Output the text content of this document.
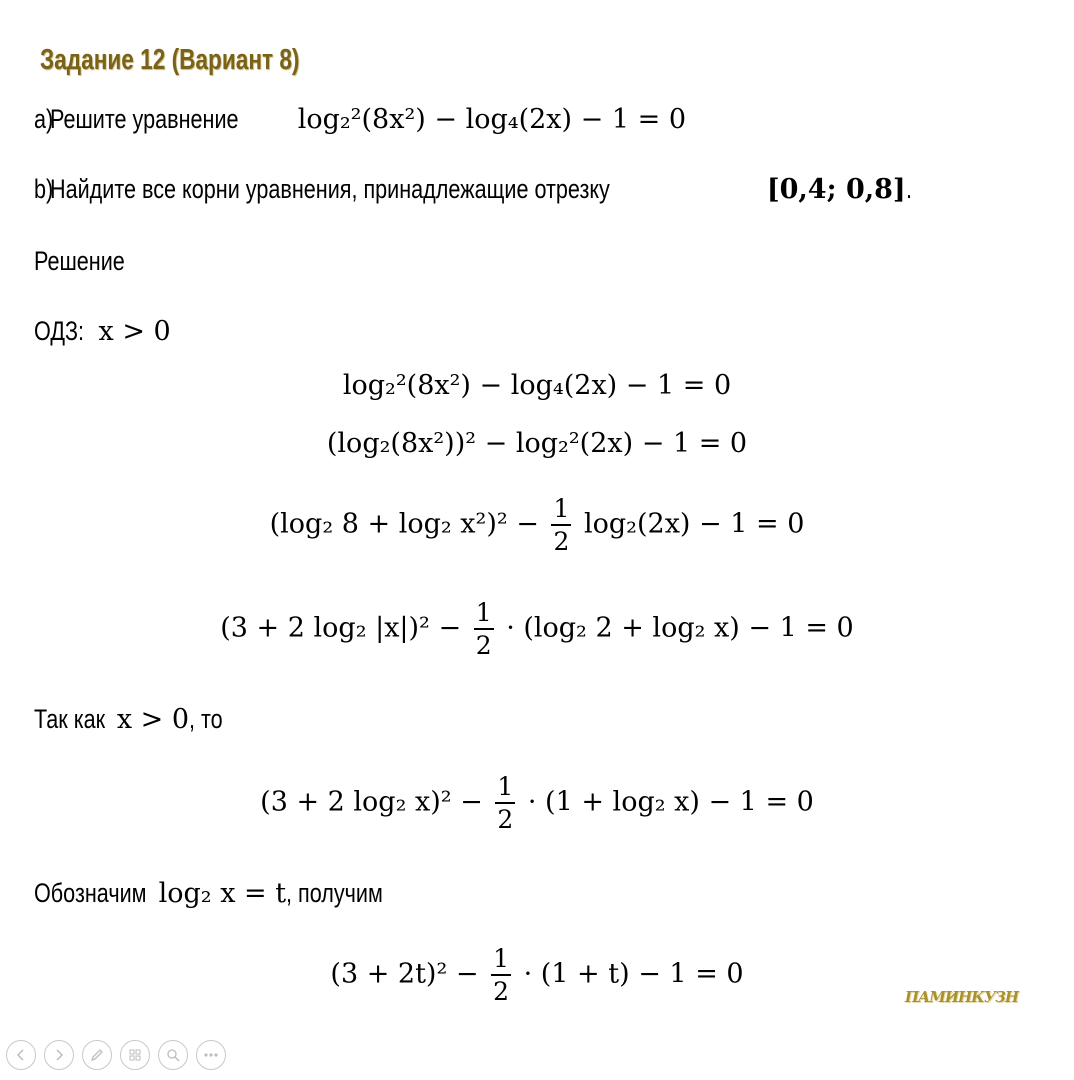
Задание 12 (Вариант 8)
a)
Решите уравнение log₂²(8x²) − log₄(2x) − 1 = 0
b)
Найдите все корни уравнения, принадлежащие отрезку	[0,4; 0,8] .
Решение
ОДЗ: x > 0
log₂²(8x²) − log₄(2x) − 1 = 0
(log₂(8x²))² − log₂²(2x) − 1 = 0
(log₂ 8 + log₂ $x^2)^2 - \frac{1}{2} \log_2(2x) - 1 = 0$
(3 + 2 log₂ $|x|)^2 - \frac{1}{2} \cdot (\log_2$ 2 + log₂ x) − 1 = 0
Так как x > 0 , то
(3 + 2 log₂ $x)^2 - \frac{1}{2} \cdot (1 + \log_2$ x) − 1 = 0
Обозначим log₂ x = t , получим
$(3 + 2t)^2 - \frac{1}{2} \cdot (1 + t) - 1 = 0$
ПАМИНКУЗН
